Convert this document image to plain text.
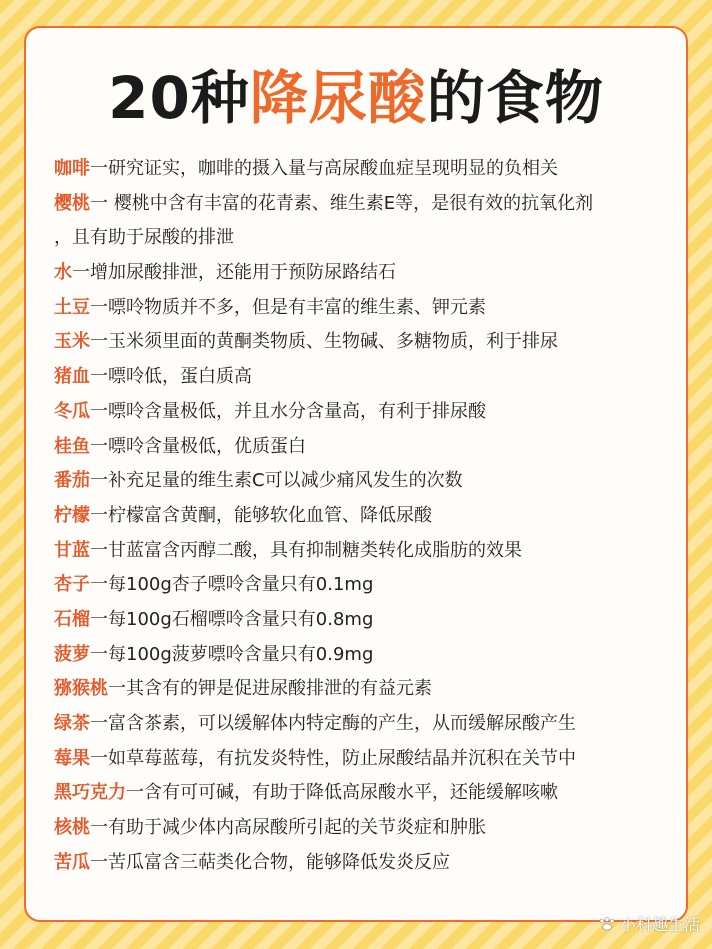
20种降尿酸的食物
咖啡一研究证实，咖啡的摄入量与高尿酸血症呈现明显的负相关
樱桃一 樱桃中含有丰富的花青素、维生素E等，是很有效的抗氧化剂
，且有助于尿酸的排泄
水一增加尿酸排泄，还能用于预防尿路结石
土豆一嘌呤物质并不多，但是有丰富的维生素、钾元素
玉米一玉米须里面的黄酮类物质、生物碱、多糖物质，利于排尿
猪血一嘌呤低，蛋白质高
冬瓜一嘌呤含量极低，并且水分含量高，有利于排尿酸
桂鱼一嘌呤含量极低，优质蛋白
番茄一补充足量的维生素C可以减少痛风发生的次数
柠檬一柠檬富含黄酮，能够软化血管、降低尿酸
甘蓝一甘蓝富含丙醇二酸，具有抑制糖类转化成脂肪的效果
杏子一每100g杏子嘌呤含量只有0.1mg
石榴一每100g石榴嘌呤含量只有0.8mg
菠萝一每100g菠萝嘌呤含量只有0.9mg
猕猴桃一其含有的钾是促进尿酸排泄的有益元素
绿茶一富含茶素，可以缓解体内特定酶的产生，从而缓解尿酸产生
莓果一如草莓蓝莓，有抗发炎特性，防止尿酸结晶并沉积在关节中
黑巧克力一含有可可碱，有助于降低高尿酸水平，还能缓解咳嗽
核桃一有助于减少体内高尿酸所引起的关节炎症和肿胀
苦瓜一苦瓜富含三萜类化合物，能够降低发炎反应
小科趣生活
